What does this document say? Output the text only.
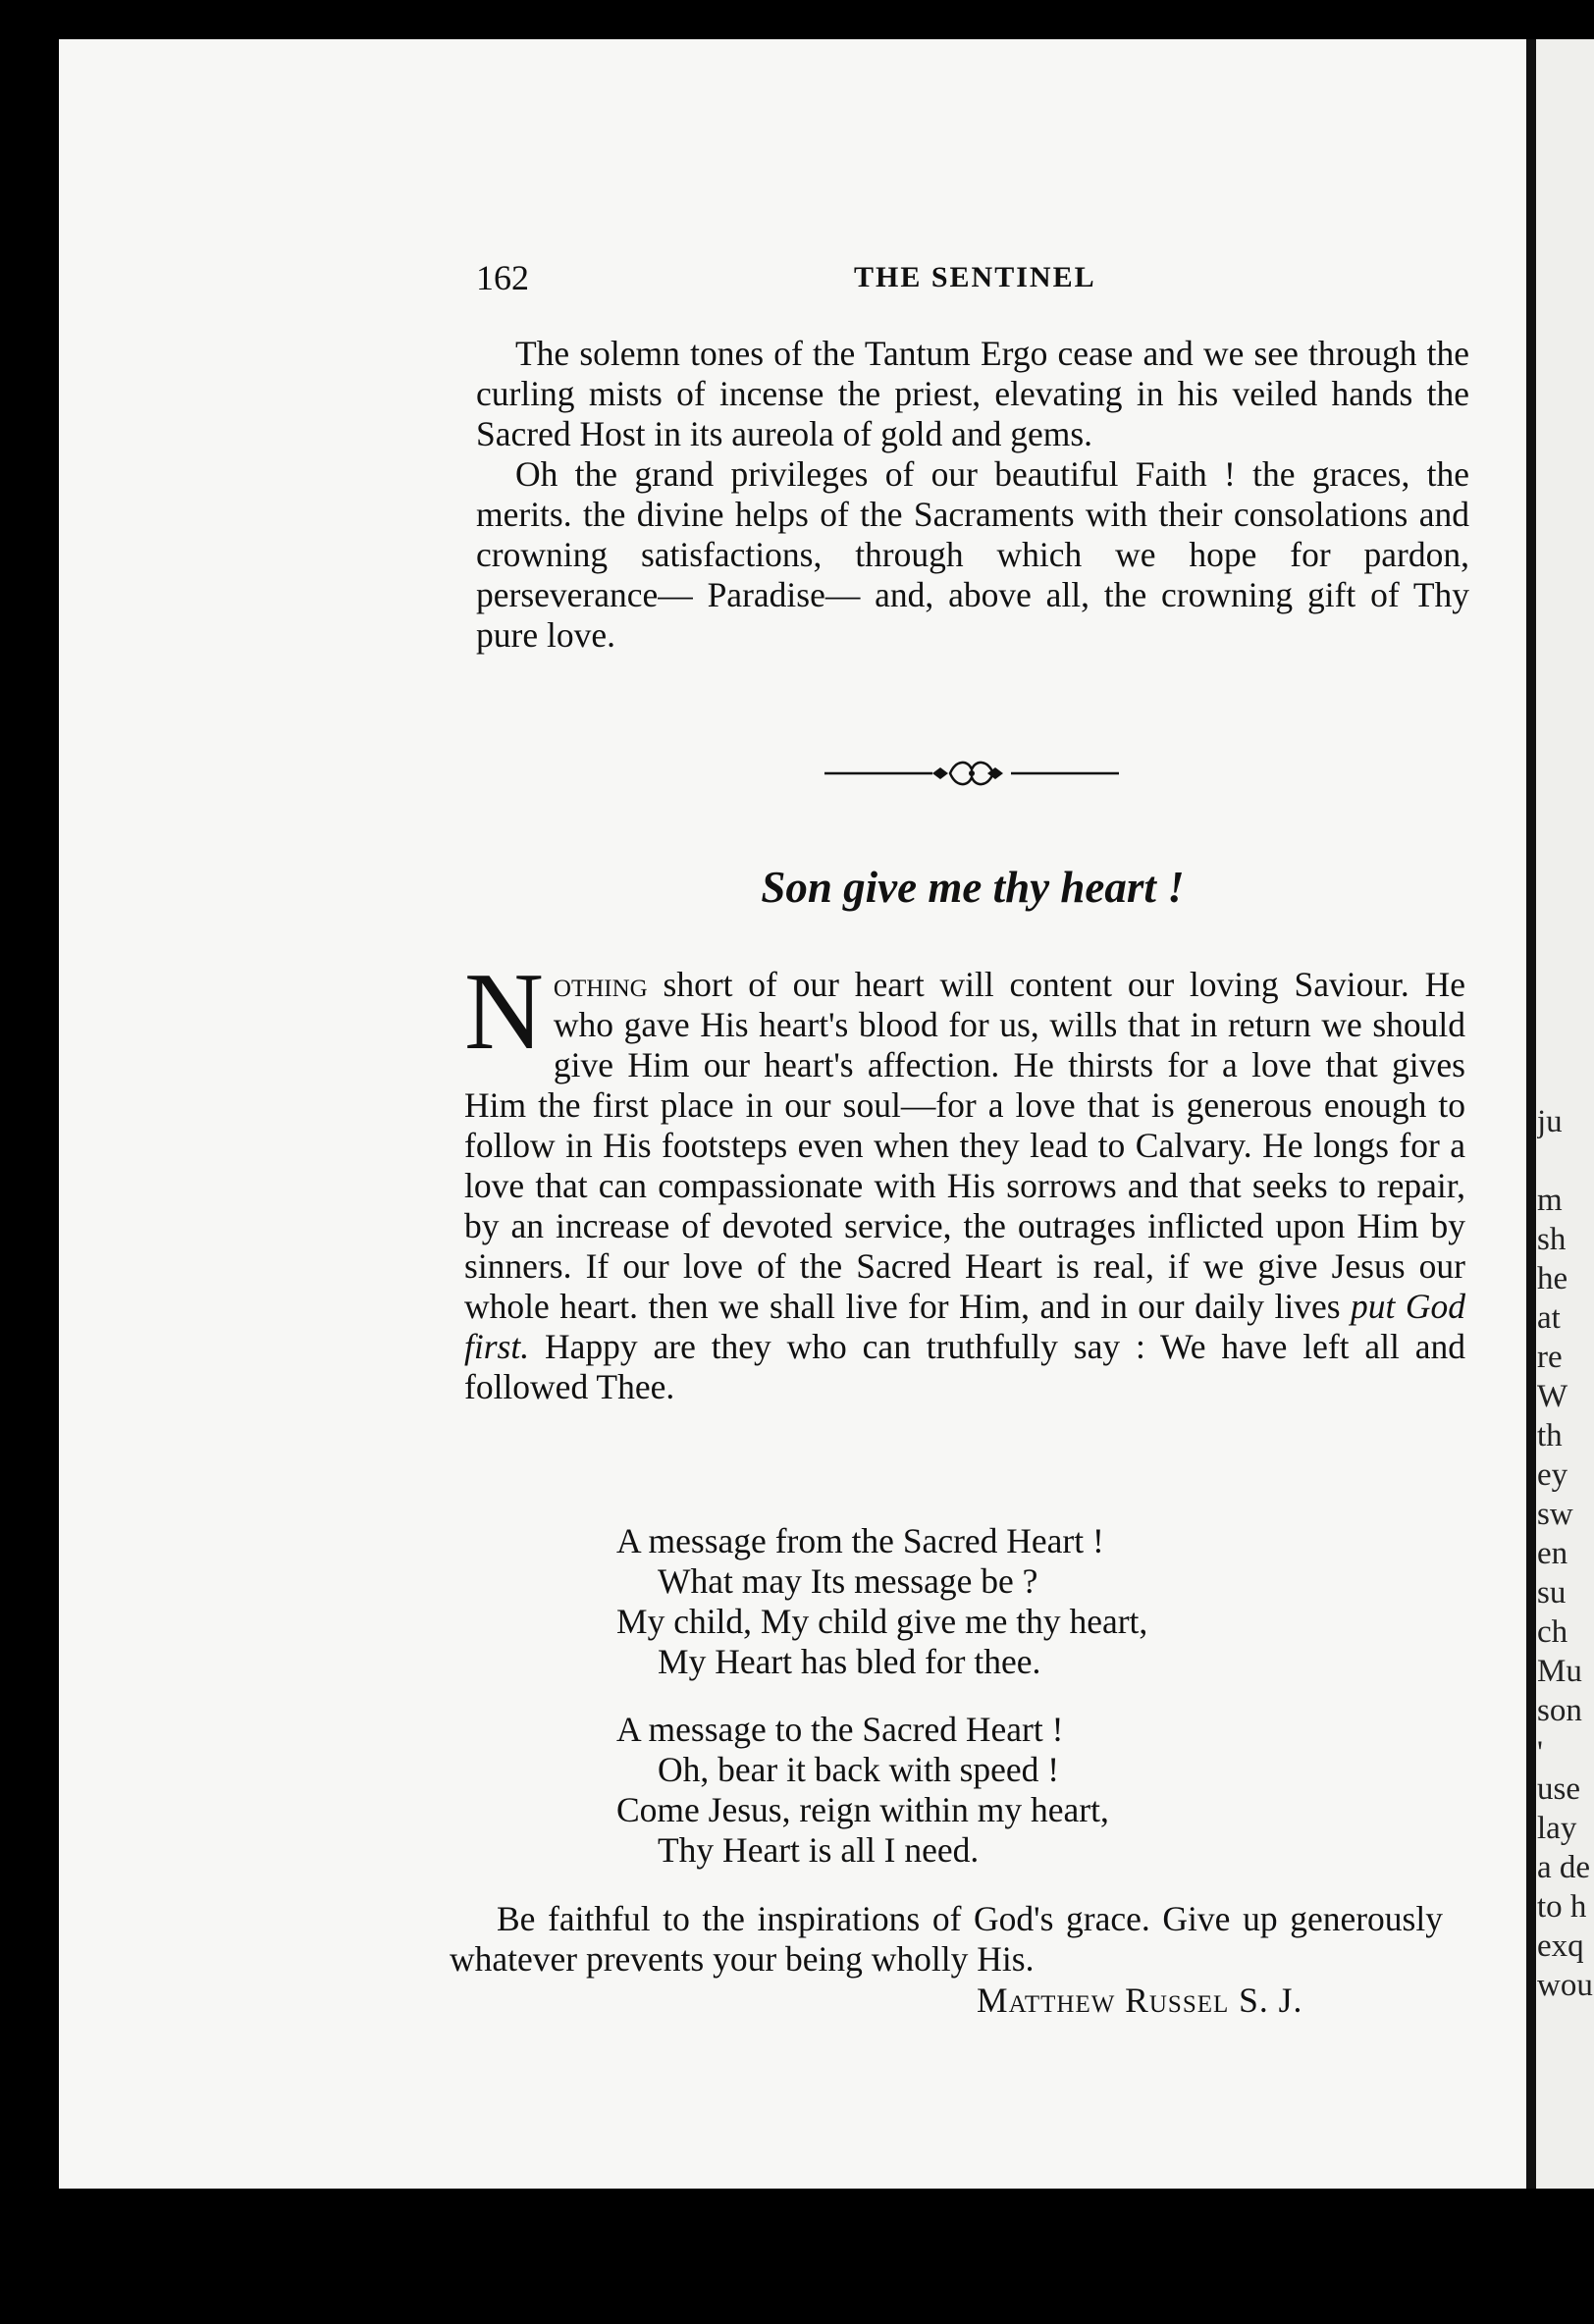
ju
m
sh
he
at
re
W
th
ey
sw
en
su
ch
Mu
son
'
use
lay
a de
to h
exq
wou
162	THE SENTINEL
The solemn tones of the Tantum Ergo cease and we see through the curling mists of incense the priest, elevating in his veiled hands the Sacred Host in its aureola of gold and gems.
Oh the grand privileges of our beautiful Faith ! the graces, the merits. the divine helps of the Sacraments with their consolations and crowning satisfactions, through which we hope for pardon, perseverance— Paradise— and, above all, the crowning gift of Thy pure love.
Son give me thy heart !
Nothing short of our heart will content our loving Saviour. He who gave His heart's blood for us, wills that in return we should give Him our heart's affection. He thirsts for a love that gives Him the first place in our soul—for a love that is generous enough to follow in His footsteps even when they lead to Calvary. He longs for a love that can compassionate with His sorrows and that seeks to repair, by an increase of devoted service, the outrages inflicted upon Him by sinners. If our love of the Sacred Heart is real, if we give Jesus our whole heart. then we shall live for Him, and in our daily lives put God first. Happy are they who can truthfully say : We have left all and followed Thee.
A message from the Sacred Heart !
What may Its message be ?
My child, My child give me thy heart,
My Heart has bled for thee.
A message to the Sacred Heart !
Oh, bear it back with speed !
Come Jesus, reign within my heart,
Thy Heart is all I need.
Be faithful to the inspirations of God's grace. Give up generously whatever prevents your being wholly His.
Matthew Russel S. J.
